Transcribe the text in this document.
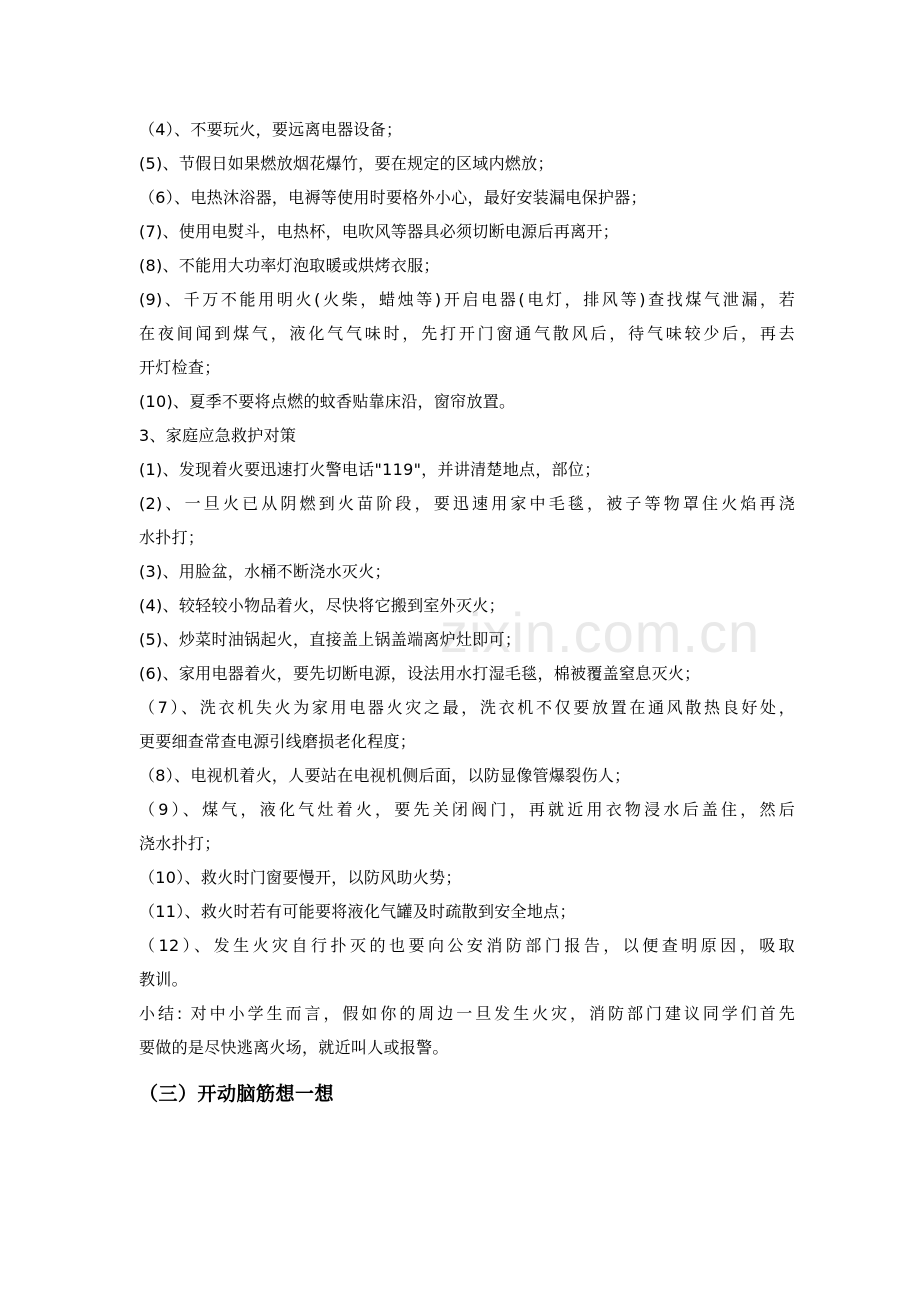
zixin.com.cn
（4）、不要玩火，要远离电器设备；
(5)、节假日如果燃放烟花爆竹，要在规定的区域内燃放；
（6）、电热沐浴器，电褥等使用时要格外小心，最好安装漏电保护器；
(7)、使用电熨斗，电热杯，电吹风等器具必须切断电源后再离开；
(8)、不能用大功率灯泡取暖或烘烤衣服；
(9)、千万不能用明火(火柴，蜡烛等)开启电器(电灯，排风等)查找煤气泄漏，若
在夜间闻到煤气，液化气气味时，先打开门窗通气散风后，待气味较少后，再去
开灯检查；
(10)、夏季不要将点燃的蚊香贴靠床沿，窗帘放置。
3、家庭应急救护对策
(1)、发现着火要迅速打火警电话"119"，并讲清楚地点，部位；
(2)、一旦火已从阴燃到火苗阶段，要迅速用家中毛毯，被子等物罩住火焰再浇
水扑打；
(3)、用脸盆，水桶不断浇水灭火；
(4)、较轻较小物品着火，尽快将它搬到室外灭火；
(5)、炒菜时油锅起火，直接盖上锅盖端离炉灶即可；
(6)、家用电器着火，要先切断电源，设法用水打湿毛毯，棉被覆盖窒息灭火；
（7）、洗衣机失火为家用电器火灾之最，洗衣机不仅要放置在通风散热良好处，
更要细查常查电源引线磨损老化程度；
（8）、电视机着火，人要站在电视机侧后面，以防显像管爆裂伤人；
（9）、煤气，液化气灶着火，要先关闭阀门，再就近用衣物浸水后盖住，然后
浇水扑打；
（10）、救火时门窗要慢开，以防风助火势；
（11）、救火时若有可能要将液化气罐及时疏散到安全地点；
（12）、发生火灾自行扑灭的也要向公安消防部门报告，以便查明原因，吸取
教训。
小结: 对中小学生而言，假如你的周边一旦发生火灾，消防部门建议同学们首先
要做的是尽快逃离火场，就近叫人或报警。
（三）开动脑筋想一想
